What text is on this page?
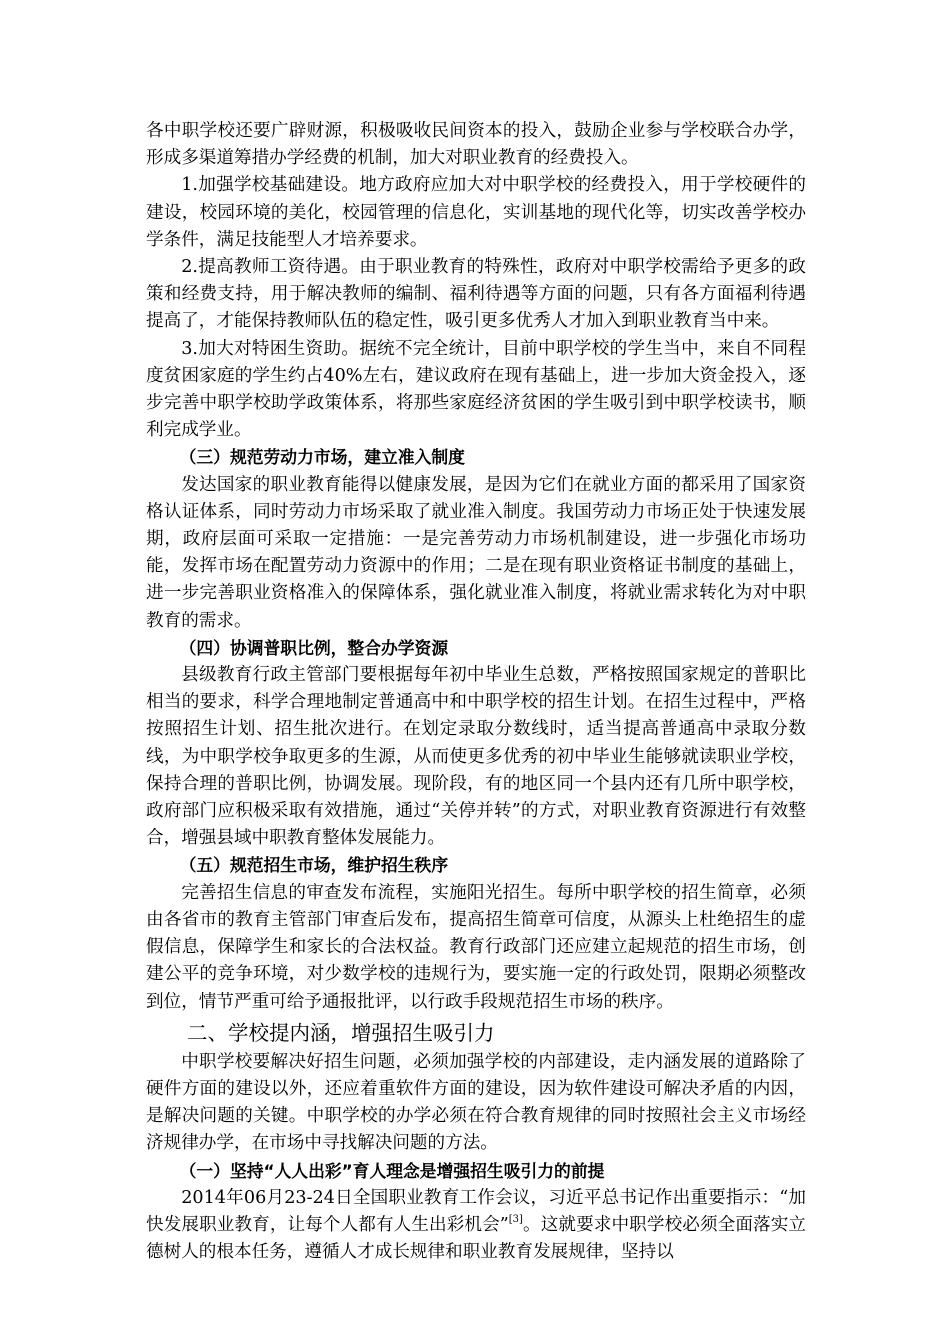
各中职学校还要广辟财源，积极吸收民间资本的投入，鼓励企业参与学校联合办学，形成多渠道筹措办学经费的机制，加大对职业教育的经费投入。

1.加强学校基础建设。地方政府应加大对中职学校的经费投入，用于学校硬件的建设，校园环境的美化，校园管理的信息化，实训基地的现代化等，切实改善学校办学条件，满足技能型人才培养要求。

2.提高教师工资待遇。由于职业教育的特殊性，政府对中职学校需给予更多的政策和经费支持，用于解决教师的编制、福利待遇等方面的问题，只有各方面福利待遇提高了，才能保持教师队伍的稳定性，吸引更多优秀人才加入到职业教育当中来。

3.加大对特困生资助。据统不完全统计，目前中职学校的学生当中，来自不同程度贫困家庭的学生约占40%左右，建议政府在现有基础上，进一步加大资金投入，逐步完善中职学校助学政策体系，将那些家庭经济贫困的学生吸引到中职学校读书，顺利完成学业。

（三）规范劳动力市场，建立准入制度

发达国家的职业教育能得以健康发展，是因为它们在就业方面的都采用了国家资格认证体系，同时劳动力市场采取了就业准入制度。我国劳动力市场正处于快速发展期，政府层面可采取一定措施：一是完善劳动力市场机制建设，进一步强化市场功能，发挥市场在配置劳动力资源中的作用；二是在现有职业资格证书制度的基础上，进一步完善职业资格准入的保障体系，强化就业准入制度，将就业需求转化为对中职教育的需求。

（四）协调普职比例，整合办学资源

县级教育行政主管部门要根据每年初中毕业生总数，严格按照国家规定的普职比相当的要求，科学合理地制定普通高中和中职学校的招生计划。在招生过程中，严格按照招生计划、招生批次进行。在划定录取分数线时，适当提高普通高中录取分数线，为中职学校争取更多的生源，从而使更多优秀的初中毕业生能够就读职业学校，保持合理的普职比例，协调发展。现阶段，有的地区同一个县内还有几所中职学校，政府部门应积极采取有效措施，通过“关停并转”的方式，对职业教育资源进行有效整合，增强县域中职教育整体发展能力。

（五）规范招生市场，维护招生秩序

完善招生信息的审查发布流程，实施阳光招生。每所中职学校的招生简章，必须由各省市的教育主管部门审查后发布，提高招生简章可信度，从源头上杜绝招生的虚假信息，保障学生和家长的合法权益。教育行政部门还应建立起规范的招生市场，创建公平的竞争环境，对少数学校的违规行为，要实施一定的行政处罚，限期必须整改到位，情节严重可给予通报批评，以行政手段规范招生市场的秩序。

二、学校提内涵，增强招生吸引力

中职学校要解决好招生问题，必须加强学校的内部建设，走内涵发展的道路除了硬件方面的建设以外，还应着重软件方面的建设，因为软件建设可解决矛盾的内因，是解决问题的关键。中职学校的办学必须在符合教育规律的同时按照社会主义市场经济规律办学，在市场中寻找解决问题的方法。

（一）坚持“人人出彩”育人理念是增强招生吸引力的前提

2014年06月23-24日全国职业教育工作会议，习近平总书记作出重要指示：“加快发展职业教育，让每个人都有人生出彩机会”[3]。这就要求中职学校必须全面落实立德树人的根本任务，遵循人才成长规律和职业教育发展规律，坚持以
